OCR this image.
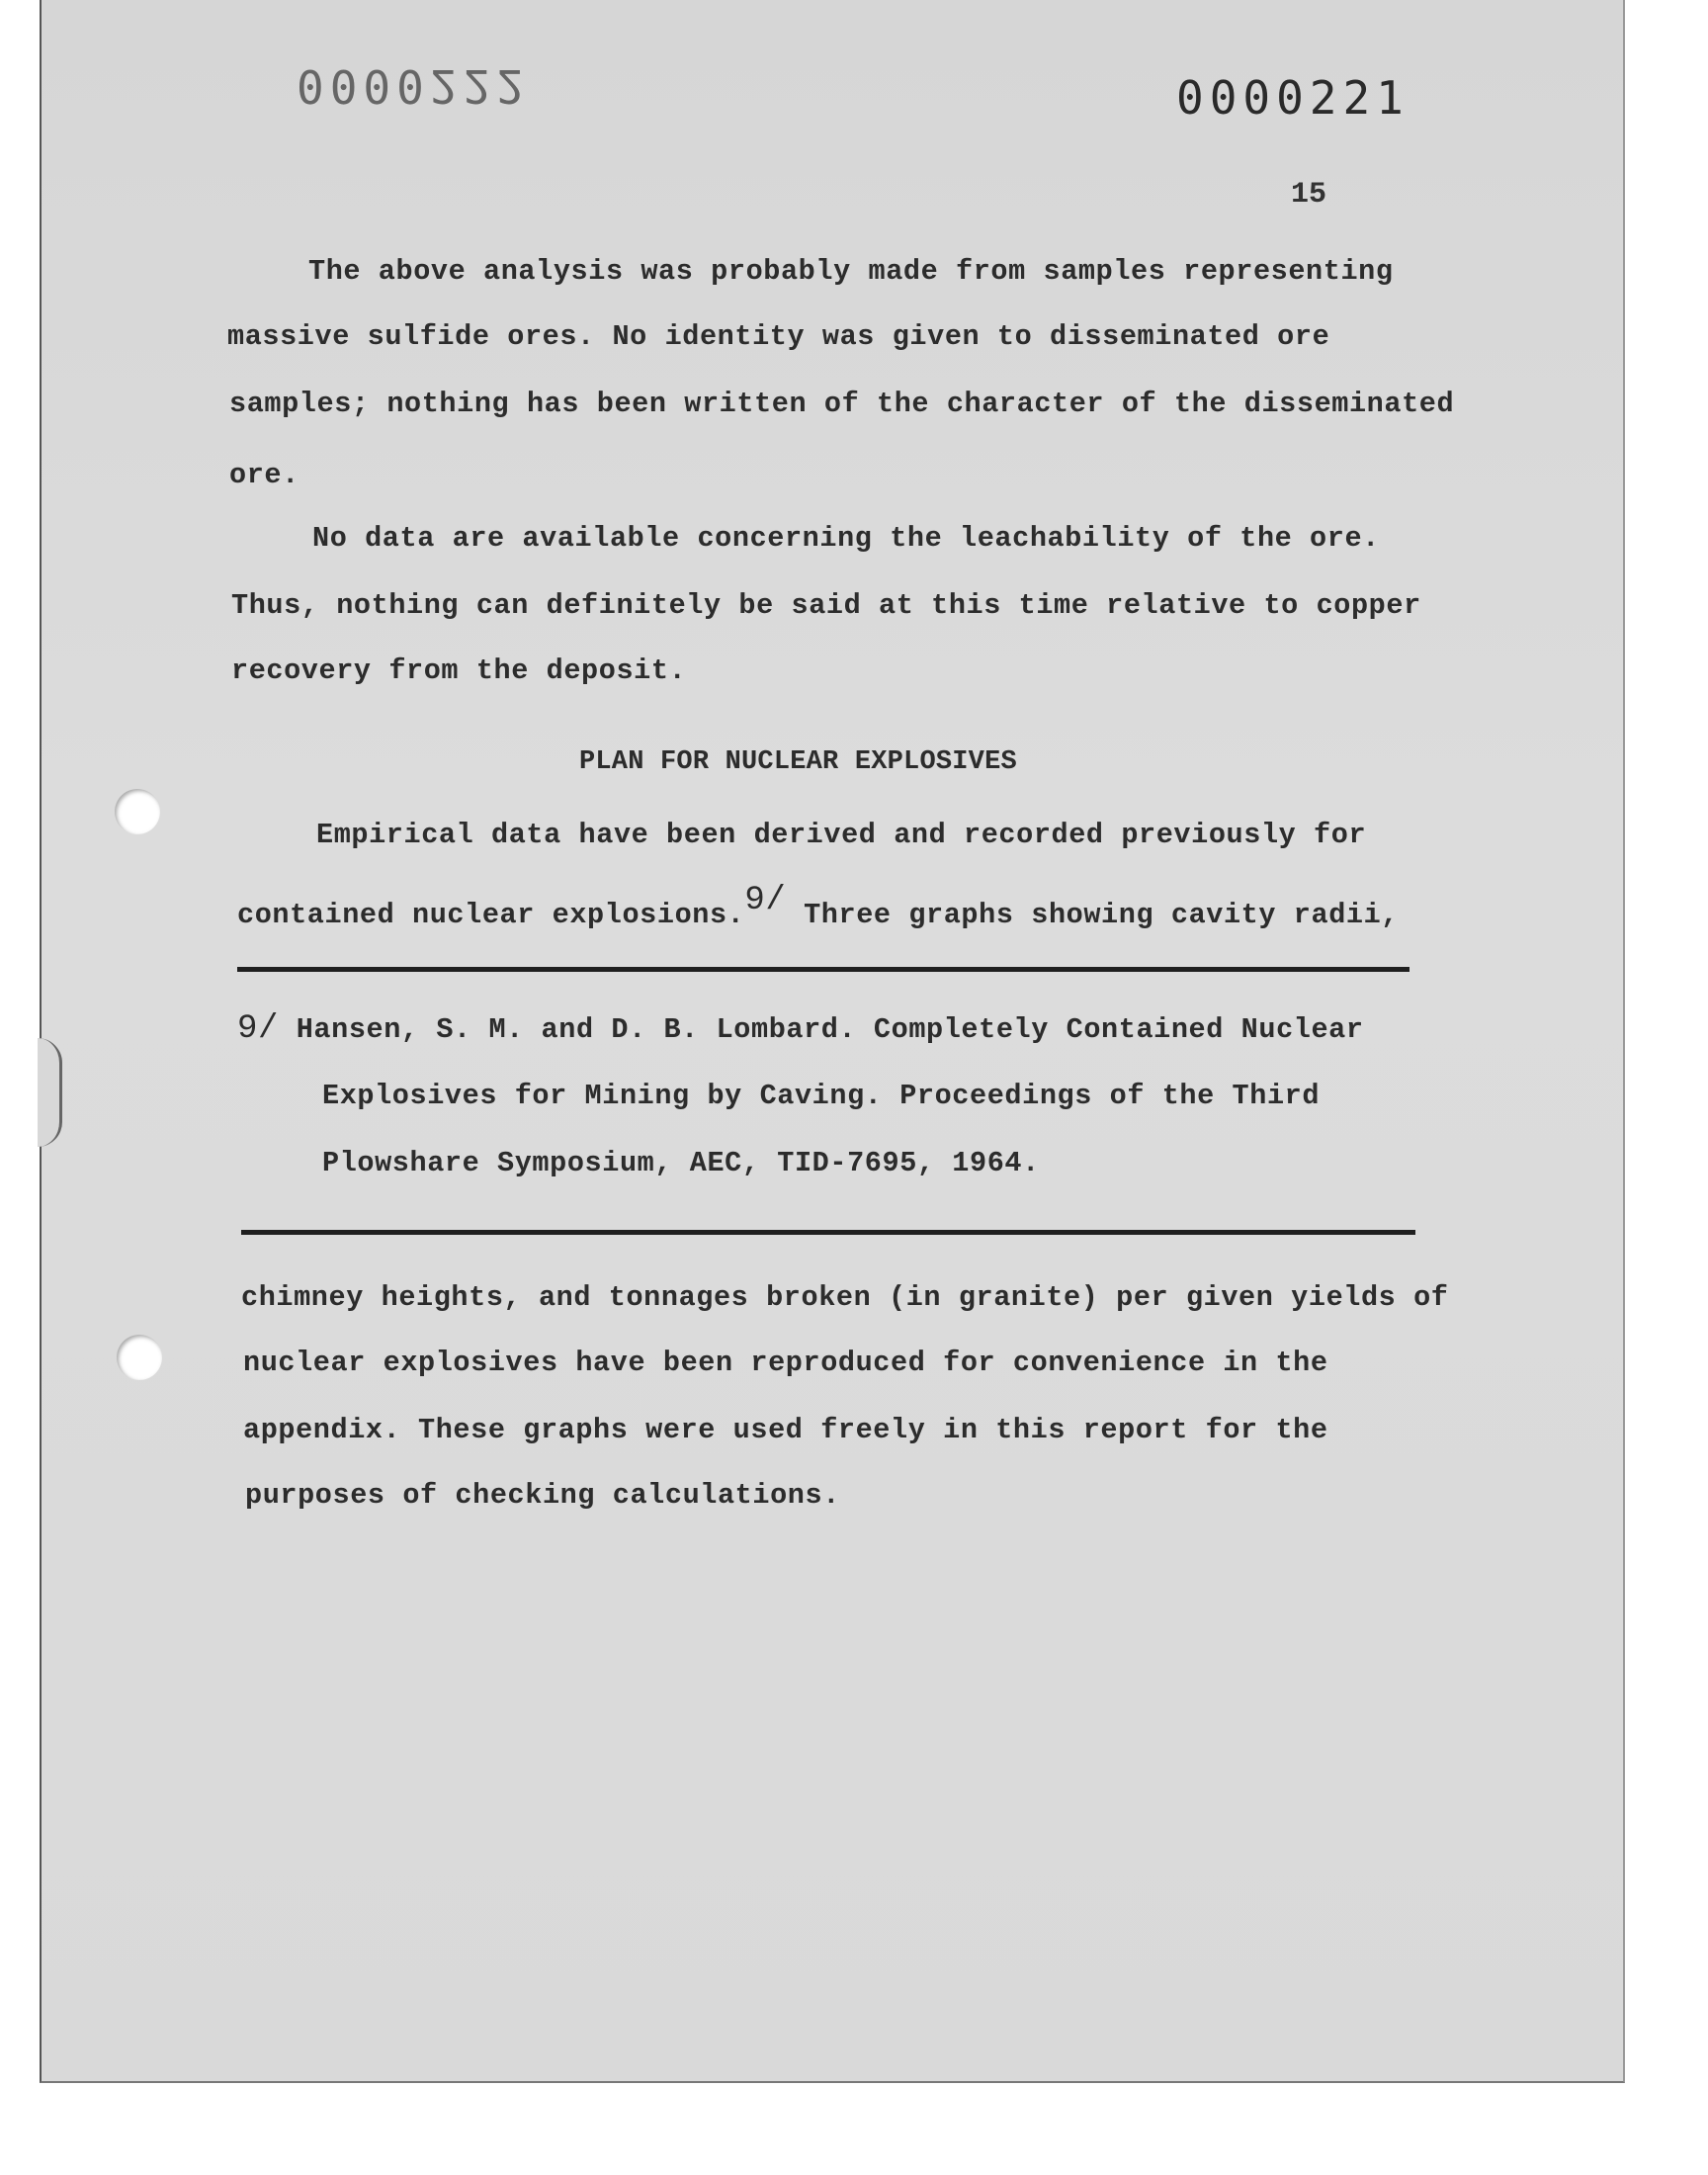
0000222	0000221
15
The above analysis was probably made from samples representing
massive sulfide ores. No identity was given to disseminated ore
samples; nothing has been written of the character of the disseminated
ore.
No data are available concerning the leachability of the ore.
Thus, nothing can definitely be said at this time relative to copper
recovery from the deposit.
PLAN FOR NUCLEAR EXPLOSIVES
Empirical data have been derived and recorded previously for
contained nuclear explosions.$^{9/}$ Three graphs showing cavity radii,
9/ Hansen, S. M. and D. B. Lombard. Completely Contained Nuclear
Explosives for Mining by Caving. Proceedings of the Third
Plowshare Symposium, AEC, TID-7695, 1964.
chimney heights, and tonnages broken (in granite) per given yields of
nuclear explosives have been reproduced for convenience in the
appendix. These graphs were used freely in this report for the
purposes of checking calculations.
